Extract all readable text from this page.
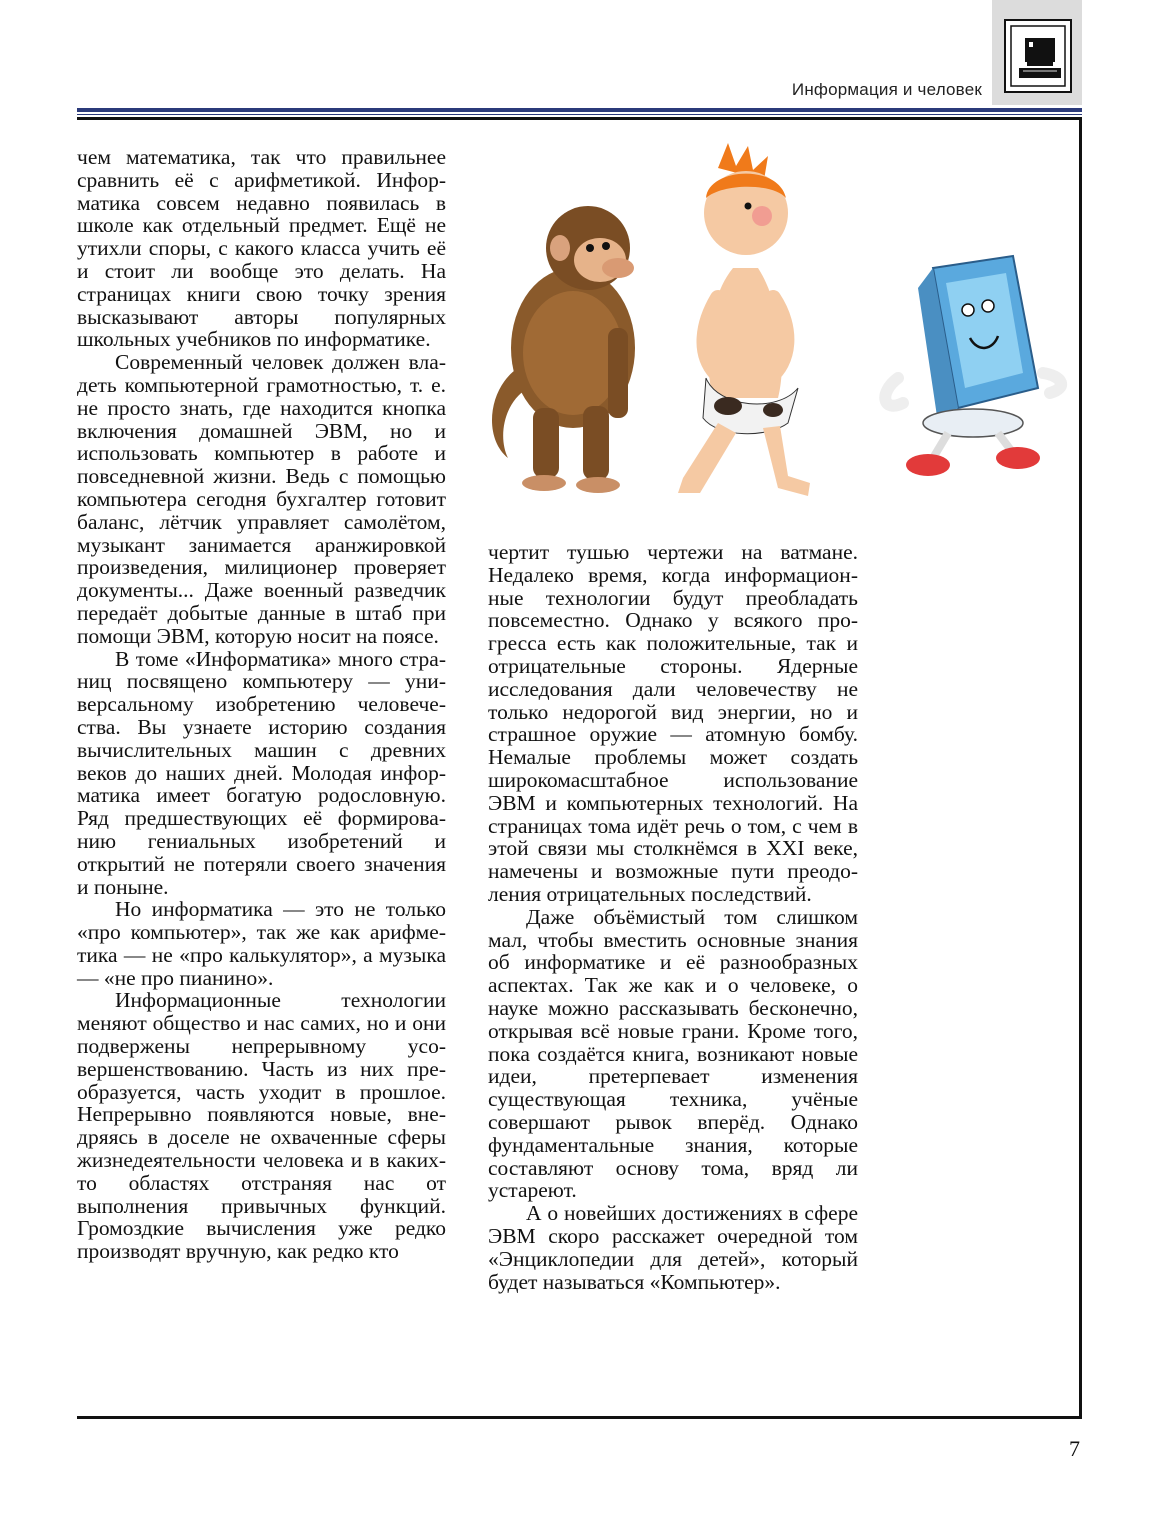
Информация и человек

чем математика, так что правильнее сравнить её с арифметикой. Информатика совсем недавно появилась в школе как отдельный предмет. Ещё не утихли споры, с какого класса учить её и стоит ли вообще это делать. На страницах книги свою точку зрения высказывают авторы популярных школьных учебников по информатике.

Современный человек должен владеть компьютерной грамотностью, т. е. не просто знать, где находится кнопка включения домашней ЭВМ, но и использовать компьютер в работе и повседневной жизни. Ведь с помощью компьютера сегодня бухгалтер готовит баланс, лётчик управляет самолётом, музыкант занимается аранжировкой произведения, милиционер проверяет документы... Даже военный разведчик передаёт добытые данные в штаб при помощи ЭВМ, которую носит на поясе.

В томе «Информатика» много страниц посвящено компьютеру — универсальному изобретению человечества. Вы узнаете историю создания вычислительных машин с древних веков до наших дней. Молодая информатика имеет богатую родословную. Ряд предшествующих её формированию гениальных изобретений и открытий не потеряли своего значения и поныне.

Но информатика — это не только «про компьютер», так же как арифметика — не «про калькулятор», а музыка — «не про пианино».

Информационные технологии меняют общество и нас самих, но и они подвержены непрерывному усовершенствованию. Часть из них преобразуется, часть уходит в прошлое. Непрерывно появляются новые, внедряясь в доселе не охваченные сферы жизнедеятельности человека и в каких-то областях отстраняя нас от выполнения привычных функций. Громоздкие вычисления уже редко производят вручную, как редко кто

чертит тушью чертежи на ватмане. Недалеко время, когда информационные технологии будут преобладать повсеместно. Однако у всякого прогресса есть как положительные, так и отрицательные стороны. Ядерные исследования дали человечеству не только недорогой вид энергии, но и страшное оружие — атомную бомбу. Немалые проблемы может создать широкомасштабное использование ЭВМ и компьютерных технологий. На страницах тома идёт речь о том, с чем в этой связи мы столкнёмся в XXI веке, намечены и возможные пути преодоления отрицательных последствий.

Даже объёмистый том слишком мал, чтобы вместить основные знания об информатике и её разнообразных аспектах. Так же как и о человеке, о науке можно рассказывать бесконечно, открывая всё новые грани. Кроме того, пока создаётся книга, возникают новые идеи, претерпевает изменения существующая техника, учёные совершают рывок вперёд. Однако фундаментальные знания, которые составляют основу тома, вряд ли устареют.

А о новейших достижениях в сфере ЭВМ скоро расскажет очередной том «Энциклопедии для детей», который будет называться «Компьютер».

7
